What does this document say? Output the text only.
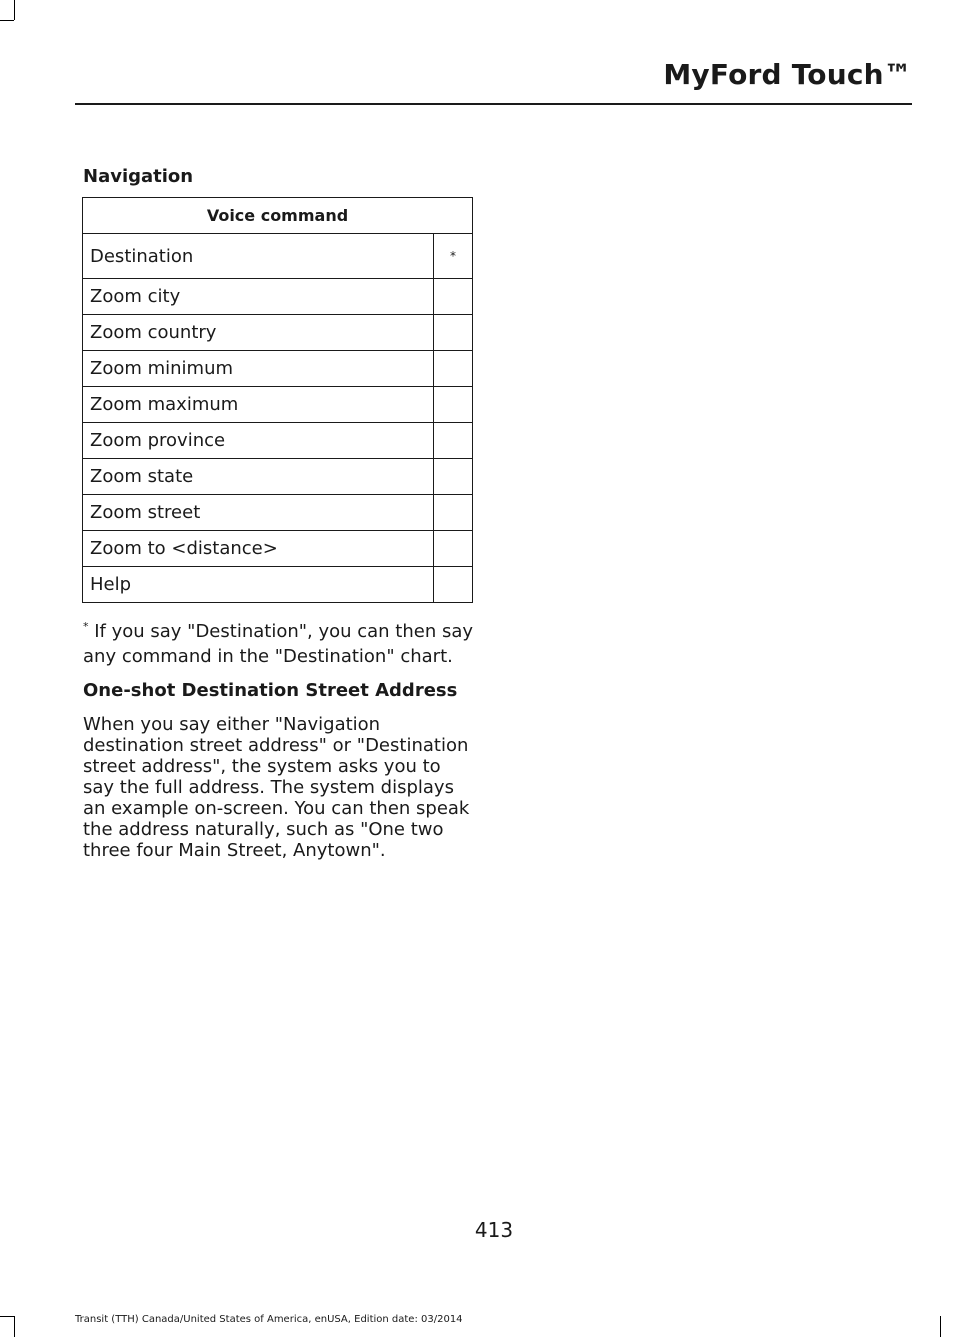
MyFord Touch™
Navigation
Voice command	
Destination	*
Zoom city	
Zoom country	
Zoom minimum	
Zoom maximum	
Zoom province	
Zoom state	
Zoom street	
Zoom to <distance>	
Help	
* If you say "Destination", you can then say any command in the "Destination" chart.
One-shot Destination Street Address
When you say either "Navigation destination street address" or "Destination street address", the system asks you to say the full address. The system displays an example on-screen. You can then speak the address naturally, such as "One two three four Main Street, Anytown".
413
Transit (TTH) Canada/United States of America, enUSA, Edition date: 03/2014
